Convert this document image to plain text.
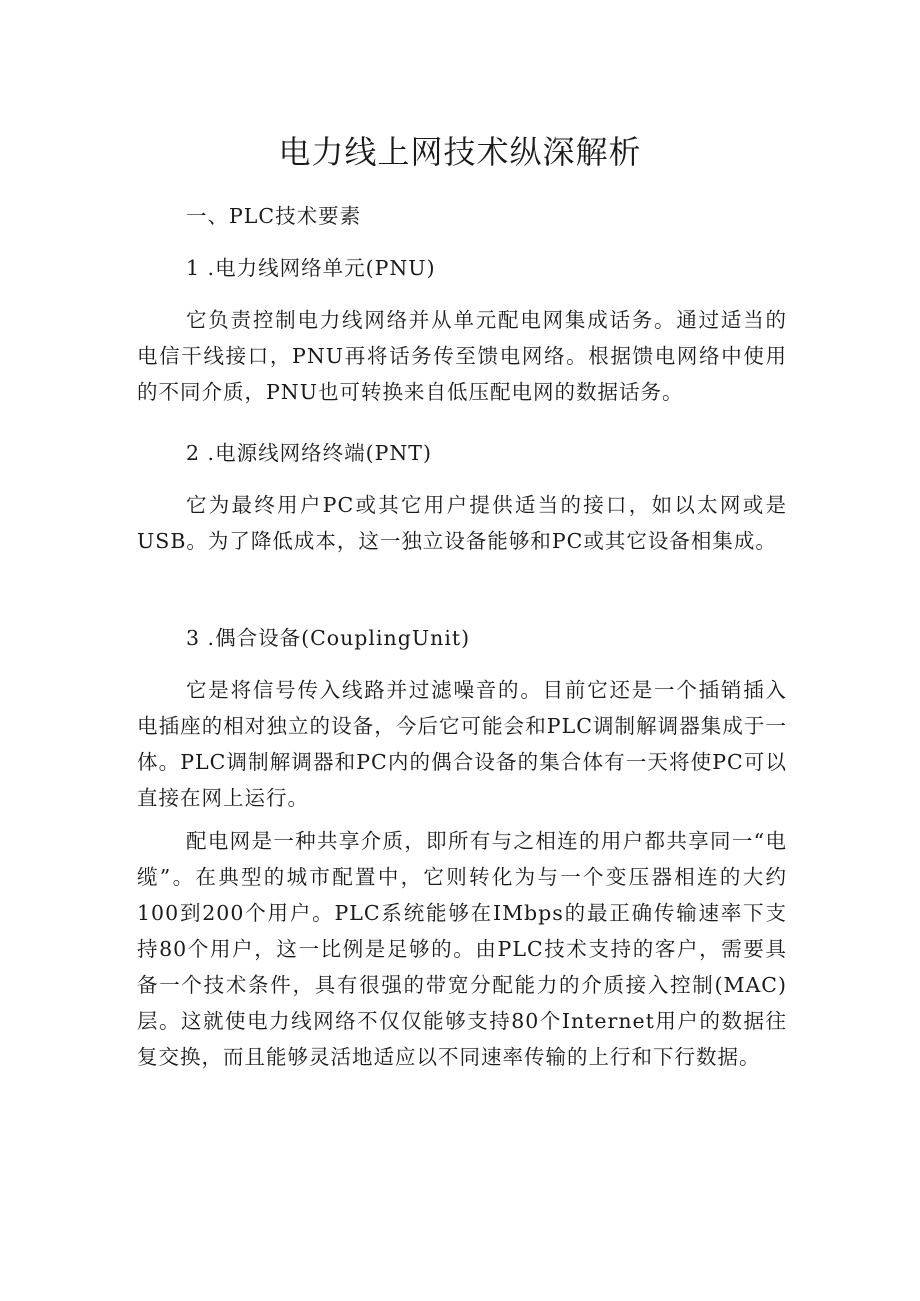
电力线上网技术纵深解析

一、PLC技术要素

1 .电力线网络单元(PNU)

它负责控制电力线网络并从单元配电网集成话务。通过适当的电信干线接口，PNU再将话务传至馈电网络。根据馈电网络中使用的不同介质，PNU也可转换来自低压配电网的数据话务。

2 .电源线网络终端(PNT)

它为最终用户PC或其它用户提供适当的接口，如以太网或是USB。为了降低成本，这一独立设备能够和PC或其它设备相集成。

3 .偶合设备(CouplingUnit)

它是将信号传入线路并过滤噪音的。目前它还是一个插销插入电插座的相对独立的设备，今后它可能会和PLC调制解调器集成于一体。PLC调制解调器和PC内的偶合设备的集合体有一天将使PC可以直接在网上运行。

配电网是一种共享介质，即所有与之相连的用户都共享同一“电缆”。在典型的城市配置中，它则转化为与一个变压器相连的大约100到200个用户。PLC系统能够在IMbps的最正确传输速率下支持80个用户，这一比例是足够的。由PLC技术支持的客户，需要具备一个技术条件，具有很强的带宽分配能力的介质接入控制(MAC)层。这就使电力线网络不仅仅能够支持80个Internet用户的数据往复交换，而且能够灵活地适应以不同速率传输的上行和下行数据。
